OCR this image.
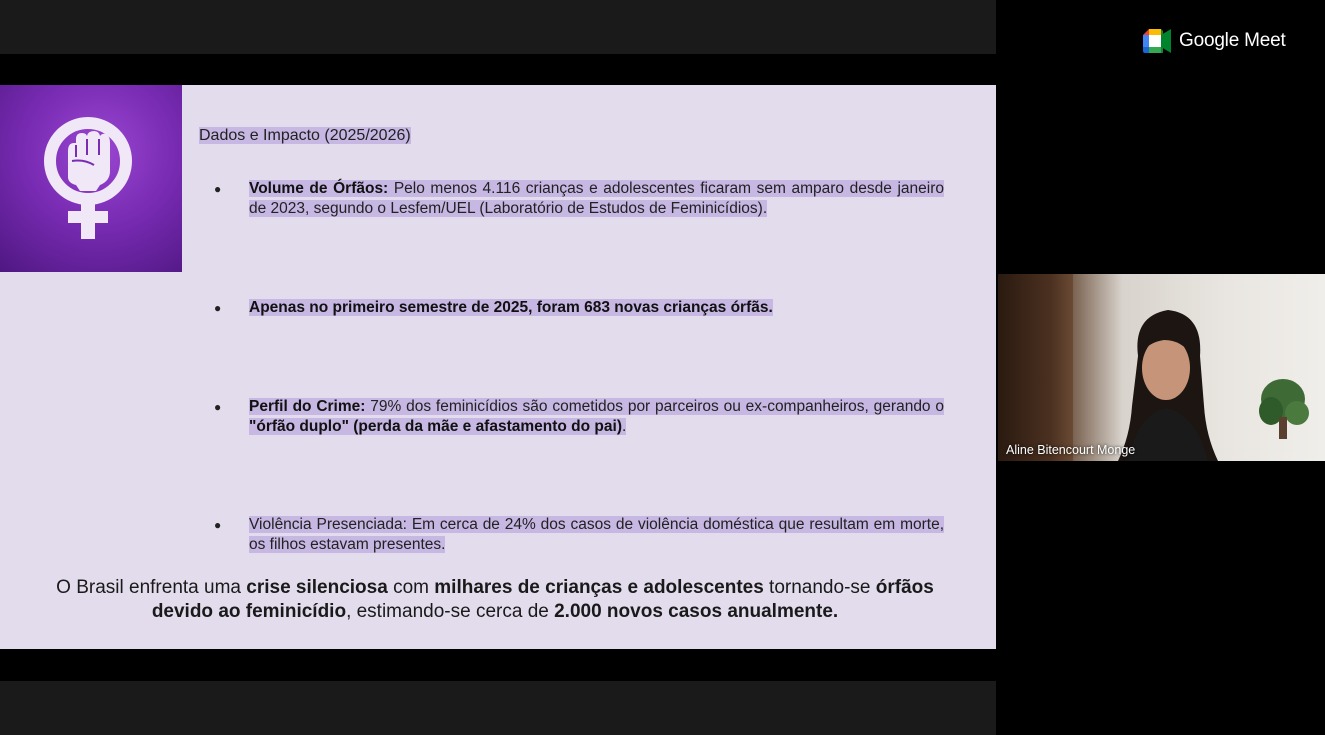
Dados e Impacto (2025/2026)
● Volume de Órfãos: Pelo menos 4.116 crianças e adolescentes ficaram sem amparo desde janeiro de 2023, segundo o Lesfem/UEL (Laboratório de Estudos de Feminicídios).
● Apenas no primeiro semestre de 2025, foram 683 novas crianças órfãs.
● Perfil do Crime: 79% dos feminicídios são cometidos por parceiros ou ex-companheiros, gerando o "órfão duplo" (perda da mãe e afastamento do pai).
● Violência Presenciada: Em cerca de 24% dos casos de violência doméstica que resultam em morte, os filhos estavam presentes.
O Brasil enfrenta uma crise silenciosa com milhares de crianças e adolescentes tornando-se órfãos devido ao feminicídio, estimando-se cerca de 2.000 novos casos anualmente.
Google Meet
Aline Bitencourt Monge
